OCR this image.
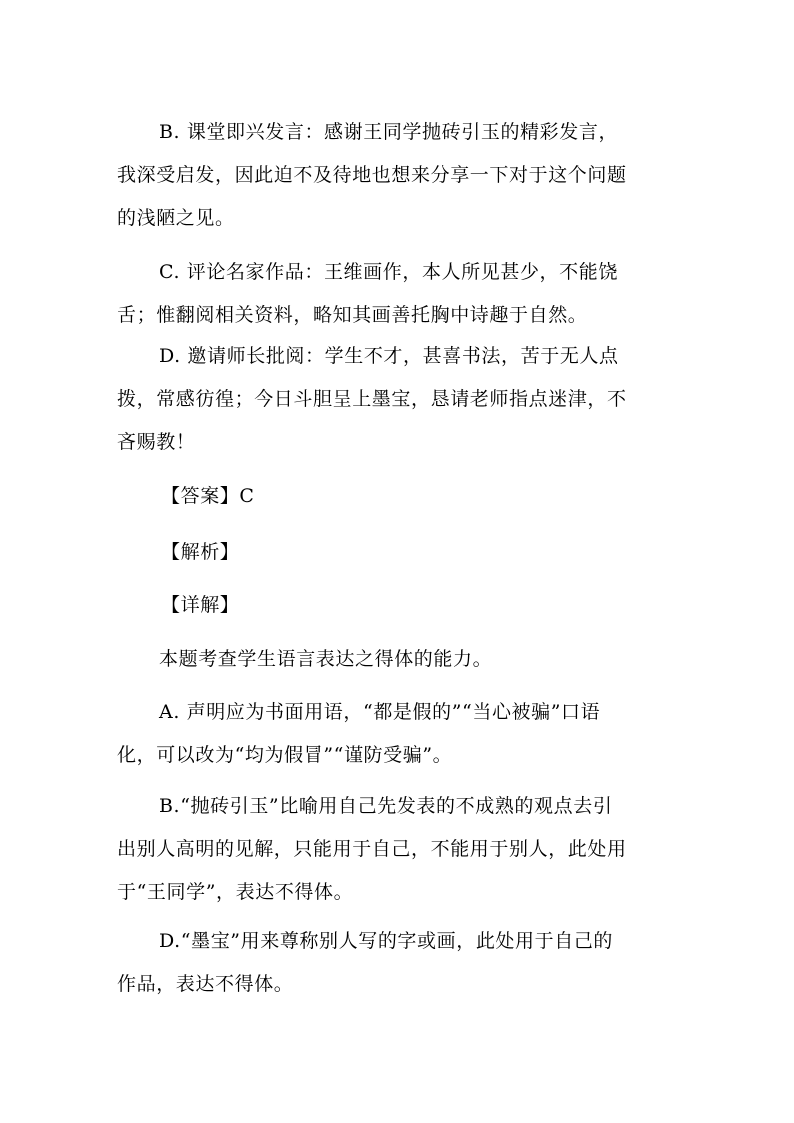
B. 课堂即兴发言：感谢王同学抛砖引玉的精彩发言，

我深受启发，因此迫不及待地也想来分享一下对于这个问题

的浅陋之见。

C. 评论名家作品：王维画作，本人所见甚少，不能饶

舌；惟翻阅相关资料，略知其画善托胸中诗趣于自然。

D. 邀请师长批阅：学生不才，甚喜书法，苦于无人点

拨，常感彷徨；今日斗胆呈上墨宝，恳请老师指点迷津，不

吝赐教！

【答案】C

【解析】

【详解】

本题考查学生语言表达之得体的能力。

A. 声明应为书面用语，“都是假的”“当心被骗”口语

化，可以改为“均为假冒”“谨防受骗”。

B.“抛砖引玉”比喻用自己先发表的不成熟的观点去引

出别人高明的见解，只能用于自己，不能用于别人，此处用

于“王同学”，表达不得体。

D.“墨宝”用来尊称别人写的字或画，此处用于自己的

作品，表达不得体。
